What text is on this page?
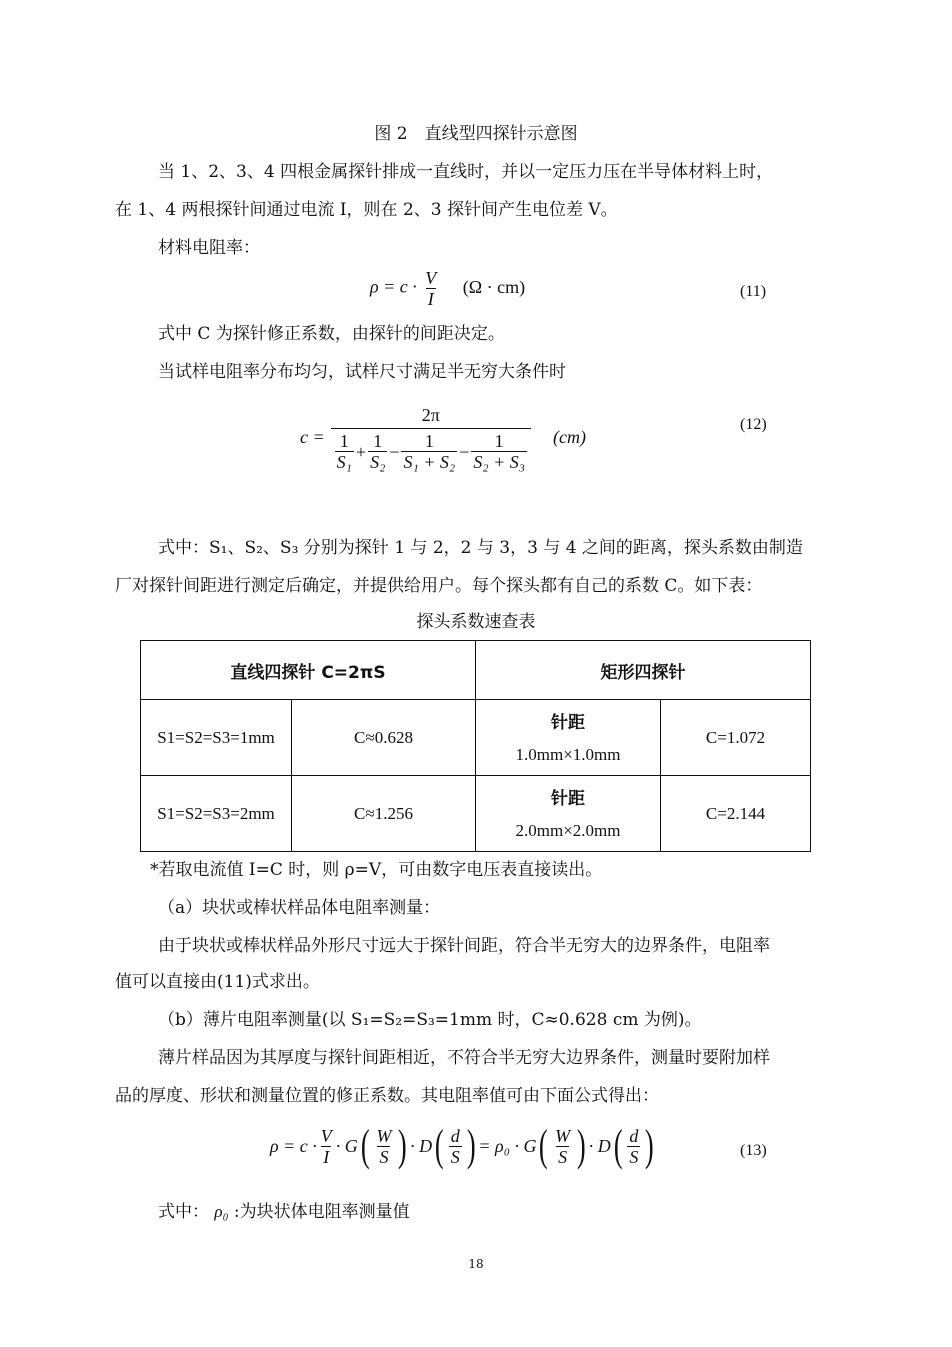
图 2　直线型四探针示意图
当 1、2、3、4 四根金属探针排成一直线时，并以一定压力压在半导体材料上时，
在 1、4 两根探针间通过电流 I，则在 2、3 探针间产生电位差 V。
材料电阻率：
$\rho = c \cdot \frac{V}{I} (\Omega \cdot cm)$	(11)
式中 C 为探针修正系数，由探针的间距决定。
当试样电阻率分布均匀，试样尺寸满足半无穷大条件时
c =
2π
$\frac{1}{\text{S₁}} + \frac{1}{\text{S₂}} - \frac{1}{\text{S₁ + S₂}} - \frac{1}{\text{S₂ + S₃}} (cm)$
(12)
式中：S₁、S₂、S₃ 分别为探针 1 与 2，2 与 3，3 与 4 之间的距离，探头系数由制造
厂对探针间距进行测定后确定，并提供给用户。每个探头都有自己的系数 C。如下表：
探头系数速查表
直线四探针 C=2πS		矩形四探针	
S1=S2=S3=1mm	C≈0.628	针距
1.0mm×1.0mm	C=1.072
S1=S2=S3=2mm	C≈1.256	针距
2.0mm×2.0mm	C=2.144
*若取电流值 I=C 时，则 ρ=V，可由数字电压表直接读出。
（a）块状或棒状样品体电阻率测量：
由于块状或棒状样品外形尺寸远大于探针间距，符合半无穷大的边界条件，电阻率
值可以直接由(11)式求出。
（b）薄片电阻率测量(以 S₁=S₂=S₃=1mm 时，C≈0.628 cm 为例)。
薄片样品因为其厚度与探针间距相近，不符合半无穷大边界条件，测量时要附加样
品的厚度、形状和测量位置的修正系数。其电阻率值可由下面公式得出：
$\rho = c \cdot \frac{V}{I} \cdot G$ ( $\frac{W}{S}$ ) · D ( $\frac{d}{S}$ ) = ρ₀ · G ( $\frac{W}{S}$ ) · D ( $\frac{d}{S}$ )	(13)
式中： ρ₀ :为块状体电阻率测量值
18
